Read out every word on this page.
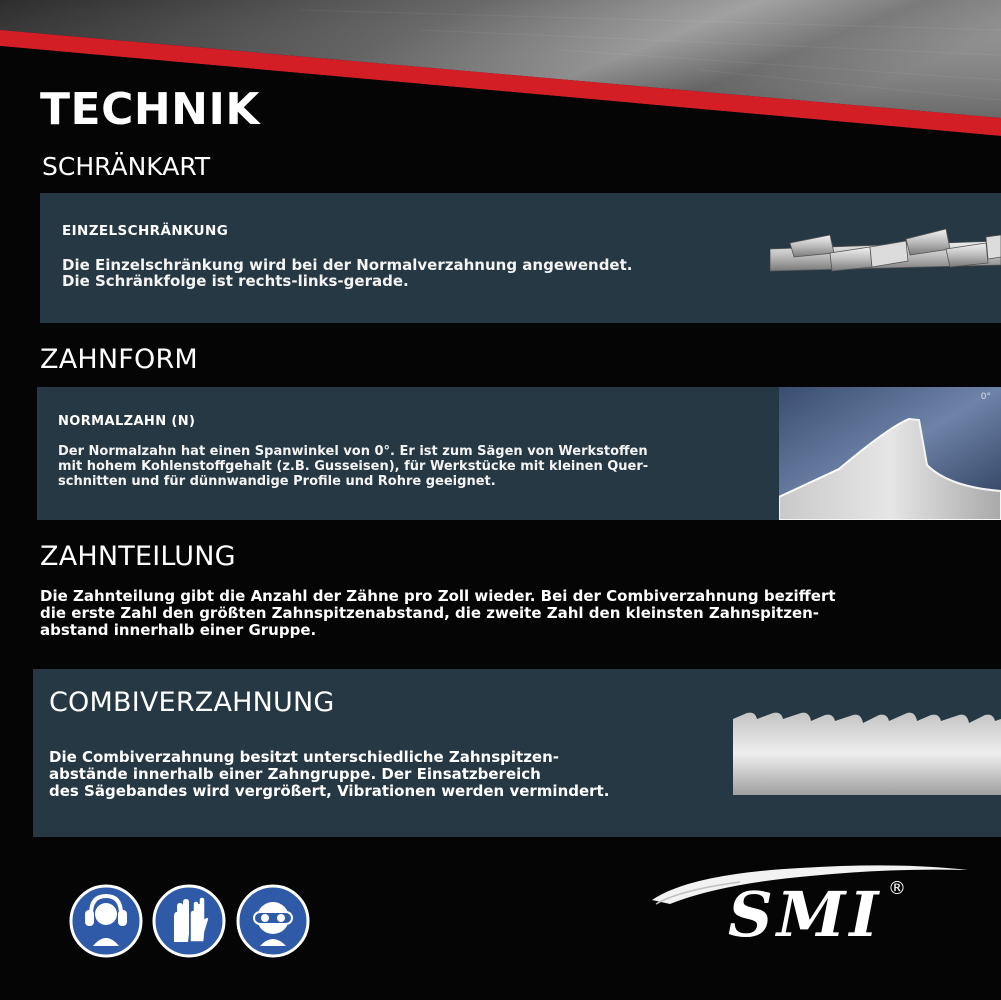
TECHNIK
SCHRÄNKART
EINZELSCHRÄNKUNG
Die Einzelschränkung wird bei der Normalverzahnung angewendet.
Die Schränkfolge ist rechts-links-gerade.
ZAHNFORM
NORMALZAHN (N)
Der Normalzahn hat einen Spanwinkel von 0°. Er ist zum Sägen von Werkstoffen
mit hohem Kohlenstoffgehalt (z.B. Gusseisen), für Werkstücke mit kleinen Quer-
schnitten und für dünnwandige Profile und Rohre geeignet.
0°
ZAHNTEILUNG
Die Zahnteilung gibt die Anzahl der Zähne pro Zoll wieder. Bei der Combiverzahnung beziffert
die erste Zahl den größten Zahnspitzenabstand, die zweite Zahl den kleinsten Zahnspitzen-
abstand innerhalb einer Gruppe.
COMBIVERZAHNUNG
Die Combiverzahnung besitzt unterschiedliche Zahnspitzen-
abstände innerhalb einer Zahngruppe. Der Einsatzbereich
des Sägebandes wird vergrößert, Vibrationen werden vermindert.
SMI ®
